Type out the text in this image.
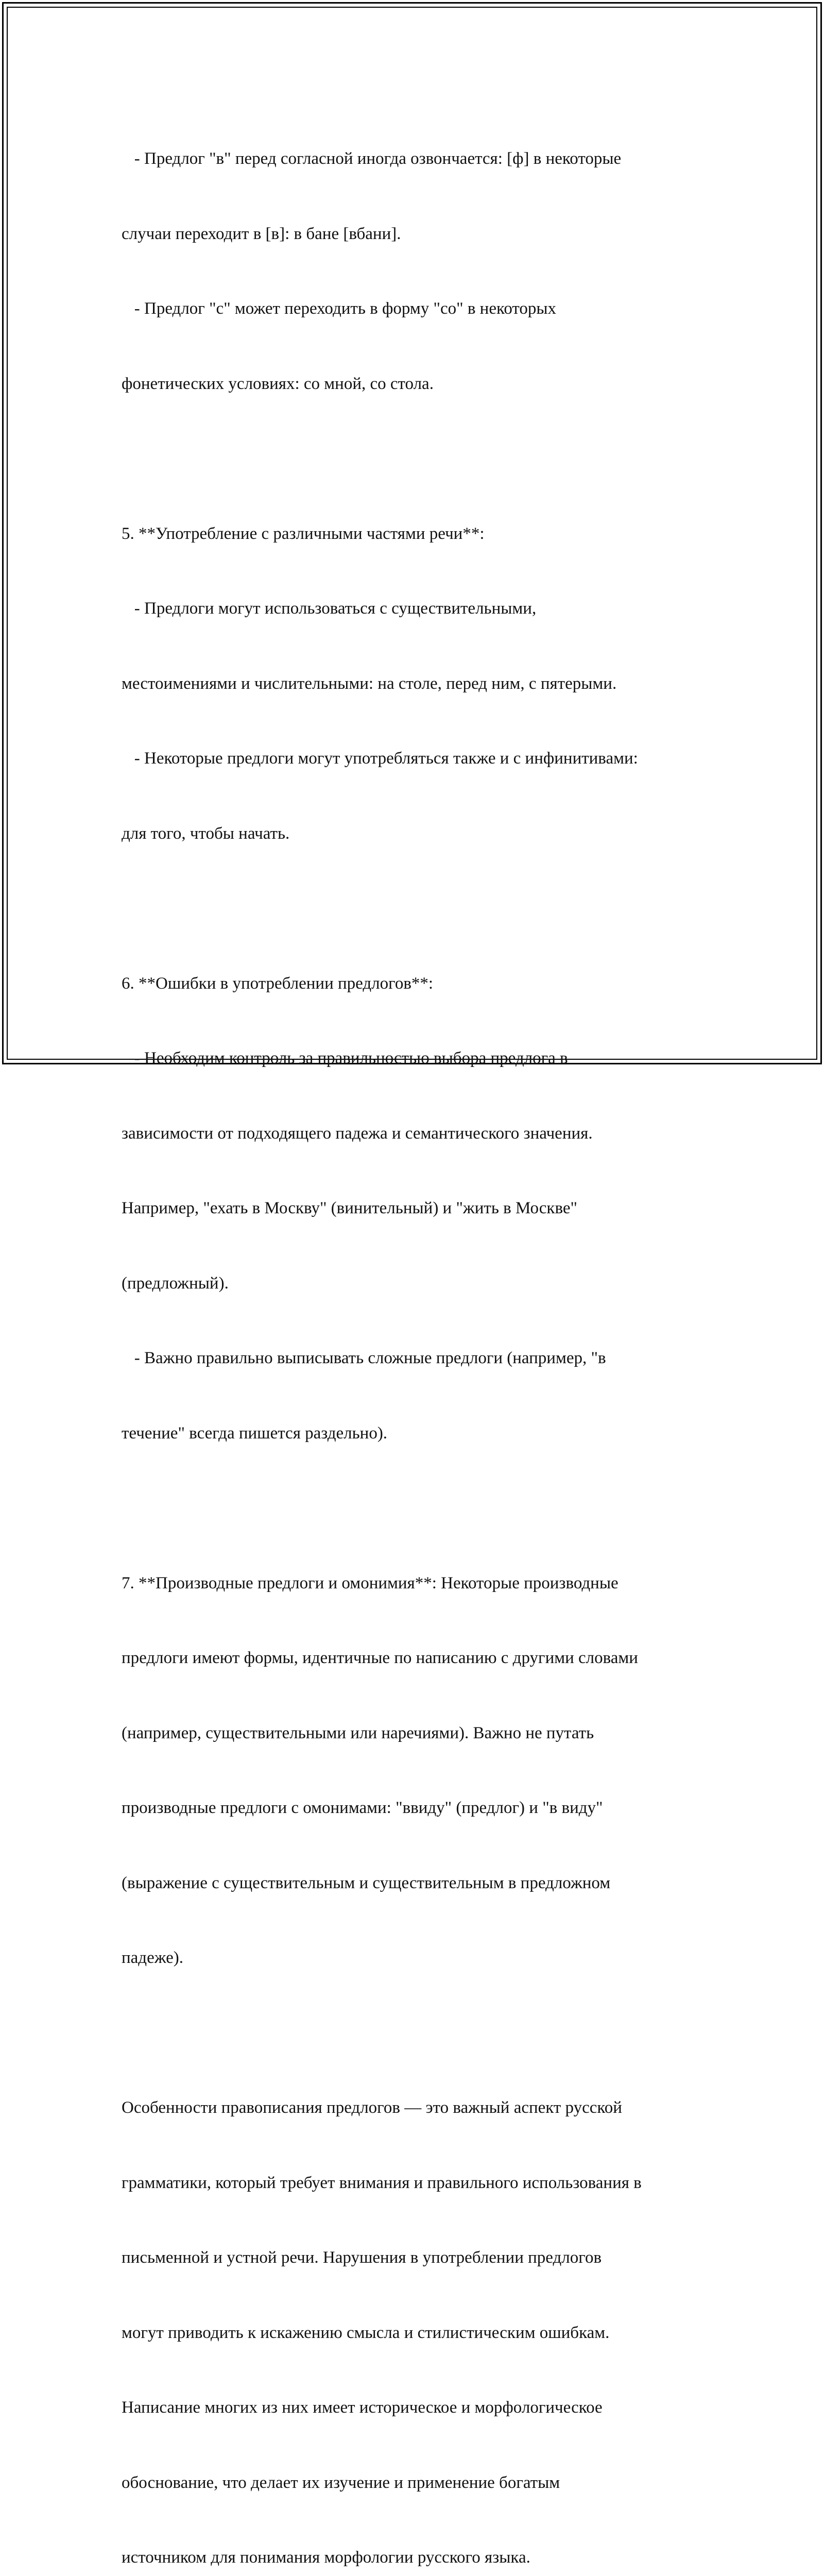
- Предлог "в" перед согласной иногда озвончается: [ф] в некоторые

случаи переходит в [в]: в бане [вбани].

- Предлог "с" может переходить в форму "со" в некоторых

фонетических условиях: со мной, со стола.

5. **Употребление с различными частями речи**:

- Предлоги могут использоваться с существительными,

местоимениями и числительными: на столе, перед ним, с пятерыми.

- Некоторые предлоги могут употребляться также и с инфинитивами:

для того, чтобы начать.

6. **Ошибки в употреблении предлогов**:

- Необходим контроль за правильностью выбора предлога в

зависимости от подходящего падежа и семантического значения.

Например, "ехать в Москву" (винительный) и "жить в Москве"

(предложный).

- Важно правильно выписывать сложные предлоги (например, "в

течение" всегда пишется раздельно).

7. **Производные предлоги и омонимия**: Некоторые производные

предлоги имеют формы, идентичные по написанию с другими словами

(например, существительными или наречиями). Важно не путать

производные предлоги с омонимами: "ввиду" (предлог) и "в виду"

(выражение с существительным и существительным в предложном

падеже).

Особенности правописания предлогов — это важный аспект русской

грамматики, который требует внимания и правильного использования в

письменной и устной речи. Нарушения в употреблении предлогов

могут приводить к искажению смысла и стилистическим ошибкам.

Написание многих из них имеет историческое и морфологическое

обоснование, что делает их изучение и применение богатым

источником для понимания морфологии русского языка.
